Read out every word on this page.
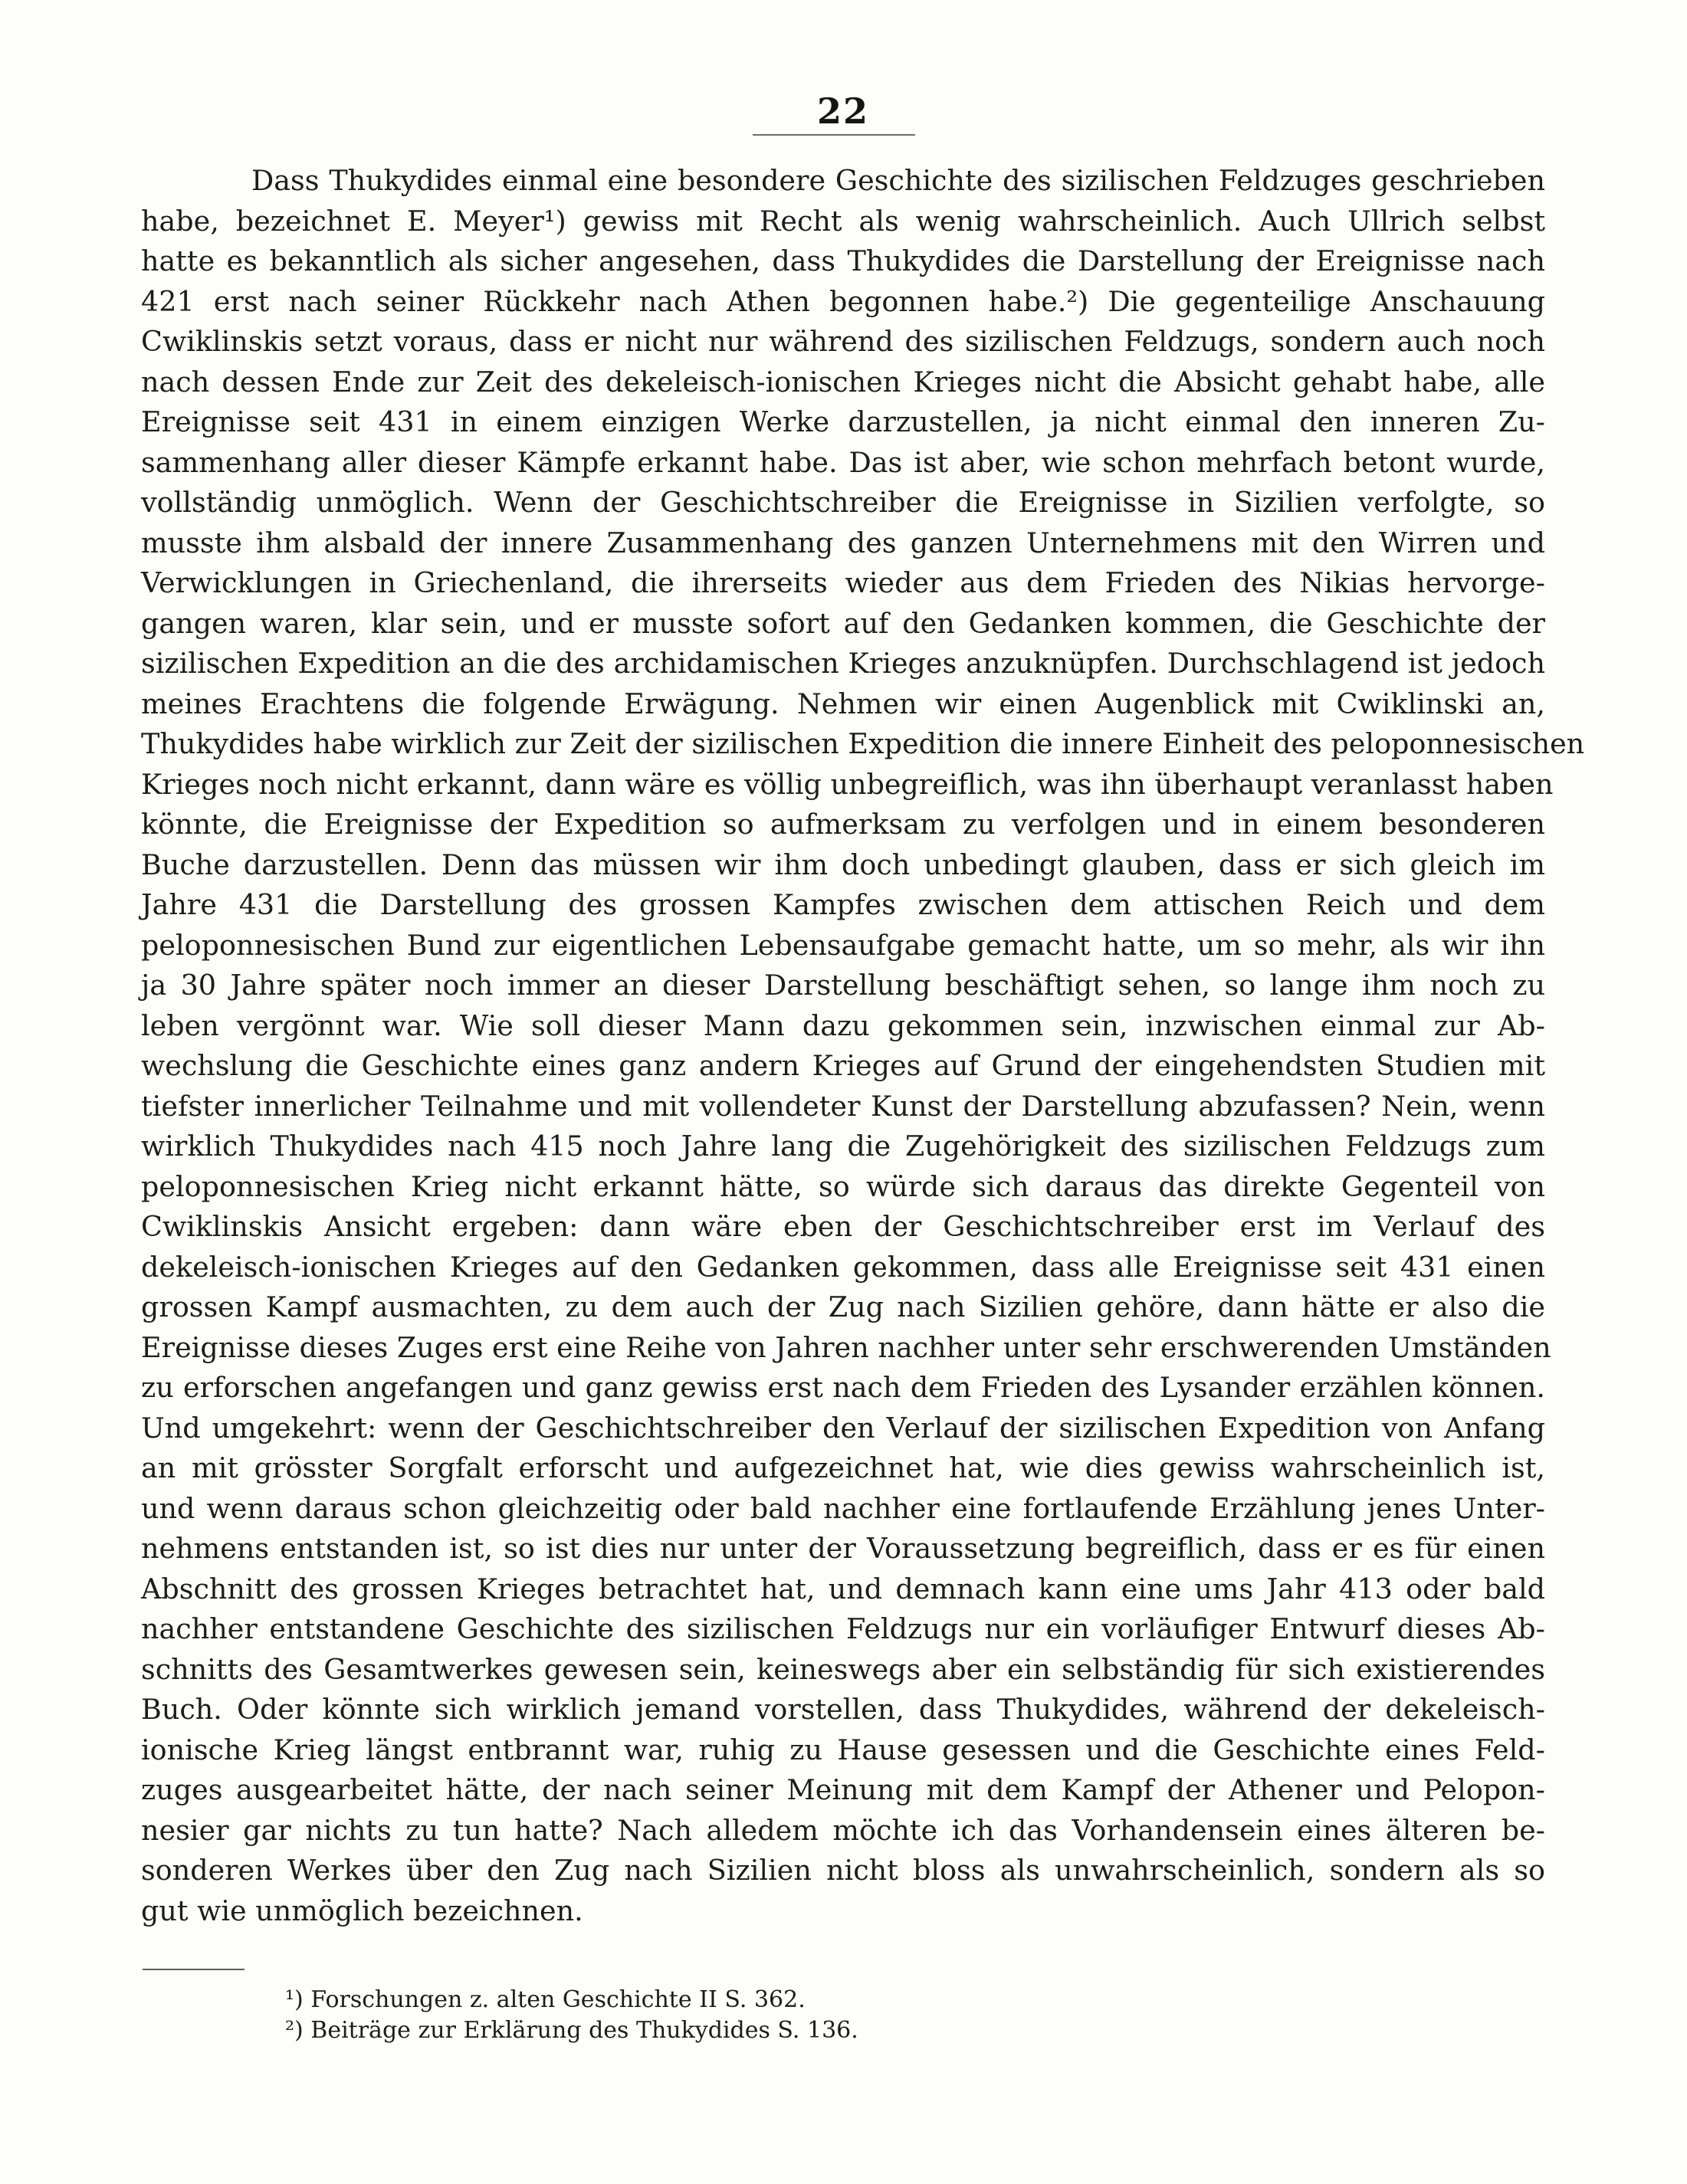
22
Dass Thukydides einmal eine besondere Geschichte des sizilischen Feldzuges geschrieben
habe, bezeichnet E. Meyer¹) gewiss mit Recht als wenig wahrscheinlich. Auch Ullrich selbst
hatte es bekanntlich als sicher angesehen, dass Thukydides die Darstellung der Ereignisse nach
421 erst nach seiner Rückkehr nach Athen begonnen habe.²) Die gegenteilige Anschauung
Cwiklinskis setzt voraus, dass er nicht nur während des sizilischen Feldzugs, sondern auch noch
nach dessen Ende zur Zeit des dekeleisch-ionischen Krieges nicht die Absicht gehabt habe, alle
Ereignisse seit 431 in einem einzigen Werke darzustellen, ja nicht einmal den inneren Zu-
sammenhang aller dieser Kämpfe erkannt habe. Das ist aber, wie schon mehrfach betont wurde,
vollständig unmöglich. Wenn der Geschichtschreiber die Ereignisse in Sizilien verfolgte, so
musste ihm alsbald der innere Zusammenhang des ganzen Unternehmens mit den Wirren und
Verwicklungen in Griechenland, die ihrerseits wieder aus dem Frieden des Nikias hervorge-
gangen waren, klar sein, und er musste sofort auf den Gedanken kommen, die Geschichte der
sizilischen Expedition an die des archidamischen Krieges anzuknüpfen. Durchschlagend ist jedoch
meines Erachtens die folgende Erwägung. Nehmen wir einen Augenblick mit Cwiklinski an,
Thukydides habe wirklich zur Zeit der sizilischen Expedition die innere Einheit des peloponnesischen
Krieges noch nicht erkannt, dann wäre es völlig unbegreiflich, was ihn überhaupt veranlasst haben
könnte, die Ereignisse der Expedition so aufmerksam zu verfolgen und in einem besonderen
Buche darzustellen. Denn das müssen wir ihm doch unbedingt glauben, dass er sich gleich im
Jahre 431 die Darstellung des grossen Kampfes zwischen dem attischen Reich und dem
peloponnesischen Bund zur eigentlichen Lebensaufgabe gemacht hatte, um so mehr, als wir ihn
ja 30 Jahre später noch immer an dieser Darstellung beschäftigt sehen, so lange ihm noch zu
leben vergönnt war. Wie soll dieser Mann dazu gekommen sein, inzwischen einmal zur Ab-
wechslung die Geschichte eines ganz andern Krieges auf Grund der eingehendsten Studien mit
tiefster innerlicher Teilnahme und mit vollendeter Kunst der Darstellung abzufassen? Nein, wenn
wirklich Thukydides nach 415 noch Jahre lang die Zugehörigkeit des sizilischen Feldzugs zum
peloponnesischen Krieg nicht erkannt hätte, so würde sich daraus das direkte Gegenteil von
Cwiklinskis Ansicht ergeben: dann wäre eben der Geschichtschreiber erst im Verlauf des
dekeleisch-ionischen Krieges auf den Gedanken gekommen, dass alle Ereignisse seit 431 einen
grossen Kampf ausmachten, zu dem auch der Zug nach Sizilien gehöre, dann hätte er also die
Ereignisse dieses Zuges erst eine Reihe von Jahren nachher unter sehr erschwerenden Umständen
zu erforschen angefangen und ganz gewiss erst nach dem Frieden des Lysander erzählen können.
Und umgekehrt: wenn der Geschichtschreiber den Verlauf der sizilischen Expedition von Anfang
an mit grösster Sorgfalt erforscht und aufgezeichnet hat, wie dies gewiss wahrscheinlich ist,
und wenn daraus schon gleichzeitig oder bald nachher eine fortlaufende Erzählung jenes Unter-
nehmens entstanden ist, so ist dies nur unter der Voraussetzung begreiflich, dass er es für einen
Abschnitt des grossen Krieges betrachtet hat, und demnach kann eine ums Jahr 413 oder bald
nachher entstandene Geschichte des sizilischen Feldzugs nur ein vorläufiger Entwurf dieses Ab-
schnitts des Gesamtwerkes gewesen sein, keineswegs aber ein selbständig für sich existierendes
Buch. Oder könnte sich wirklich jemand vorstellen, dass Thukydides, während der dekeleisch-
ionische Krieg längst entbrannt war, ruhig zu Hause gesessen und die Geschichte eines Feld-
zuges ausgearbeitet hätte, der nach seiner Meinung mit dem Kampf der Athener und Pelopon-
nesier gar nichts zu tun hatte? Nach alledem möchte ich das Vorhandensein eines älteren be-
sonderen Werkes über den Zug nach Sizilien nicht bloss als unwahrscheinlich, sondern als so
gut wie unmöglich bezeichnen.
¹) Forschungen z. alten Geschichte II S. 362.
²) Beiträge zur Erklärung des Thukydides S. 136.
